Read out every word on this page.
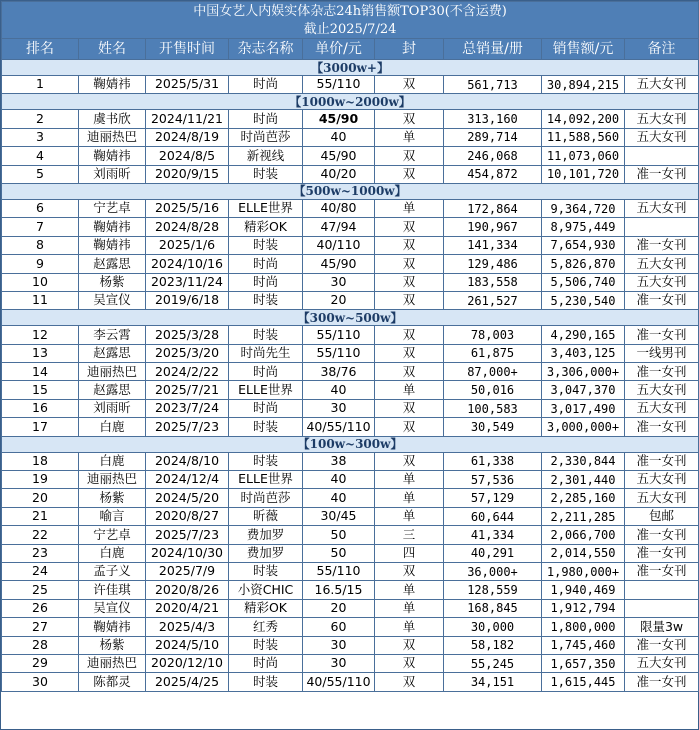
中国女艺人内娱实体杂志24h销售额TOP30(不含运费)								
截止2025/7/24								
排名	姓名	开售时间	杂志名称	单价/元	封	总销量/册	销售额/元	备注
【3000w+】								
1	鞠婧祎	2025/5/31	时尚	55/110	双	561,713	30,894,215	五大女刊
【1000w~2000w】								
2	虞书欣	2024/11/21	时尚	45/90	双	313,160	14,092,200	五大女刊
3	迪丽热巴	2024/8/19	时尚芭莎	40	单	289,714	11,588,560	五大女刊
4	鞠婧祎	2024/8/5	新视线	45/90	双	246,068	11,073,060	
5	刘雨昕	2020/9/15	时装	40/20	双	454,872	10,101,720	准一女刊
【500w~1000w】								
6	宁艺卓	2025/5/16	ELLE世界	40/80	单	172,864	9,364,720	五大女刊
7	鞠婧祎	2024/8/28	精彩OK	47/94	双	190,967	8,975,449	
8	鞠婧祎	2025/1/6	时装	40/110	双	141,334	7,654,930	准一女刊
9	赵露思	2024/10/16	时尚	45/90	双	129,486	5,826,870	五大女刊
10	杨紫	2023/11/24	时尚	30	双	183,558	5,506,740	五大女刊
11	吴宣仪	2019/6/18	时装	20	双	261,527	5,230,540	准一女刊
【300w~500w】								
12	李云霄	2025/3/28	时装	55/110	双	78,003	4,290,165	准一女刊
13	赵露思	2025/3/20	时尚先生	55/110	双	61,875	3,403,125	一线男刊
14	迪丽热巴	2024/2/22	时尚	38/76	双	87,000+	3,306,000+	准一女刊
15	赵露思	2025/7/21	ELLE世界	40	单	50,016	3,047,370	五大女刊
16	刘雨昕	2023/7/24	时尚	30	双	100,583	3,017,490	五大女刊
17	白鹿	2025/7/23	时装	40/55/110	双	30,549	3,000,000+	准一女刊
【100w~300w】								
18	白鹿	2024/8/10	时装	38	双	61,338	2,330,844	准一女刊
19	迪丽热巴	2024/12/4	ELLE世界	40	单	57,536	2,301,440	五大女刊
20	杨紫	2024/5/20	时尚芭莎	40	单	57,129	2,285,160	五大女刊
21	喻言	2020/8/27	昕薇	30/45	单	60,644	2,211,285	包邮
22	宁艺卓	2025/7/23	费加罗	50	三	41,334	2,066,700	准一女刊
23	白鹿	2024/10/30	费加罗	50	四	40,291	2,014,550	准一女刊
24	孟子义	2025/7/9	时装	55/110	双	36,000+	1,980,000+	准一女刊
25	许佳琪	2020/8/26	小资CHIC	16.5/15	单	128,559	1,940,469	
26	吴宣仪	2020/4/21	精彩OK	20	单	168,845	1,912,794	
27	鞠婧祎	2025/4/3	红秀	60	单	30,000	1,800,000	限量3w
28	杨紫	2024/5/10	时装	30	双	58,182	1,745,460	准一女刊
29	迪丽热巴	2020/12/10	时尚	30	双	55,245	1,657,350	五大女刊
30	陈都灵	2025/4/25	时装	40/55/110	双	34,151	1,615,445	准一女刊
